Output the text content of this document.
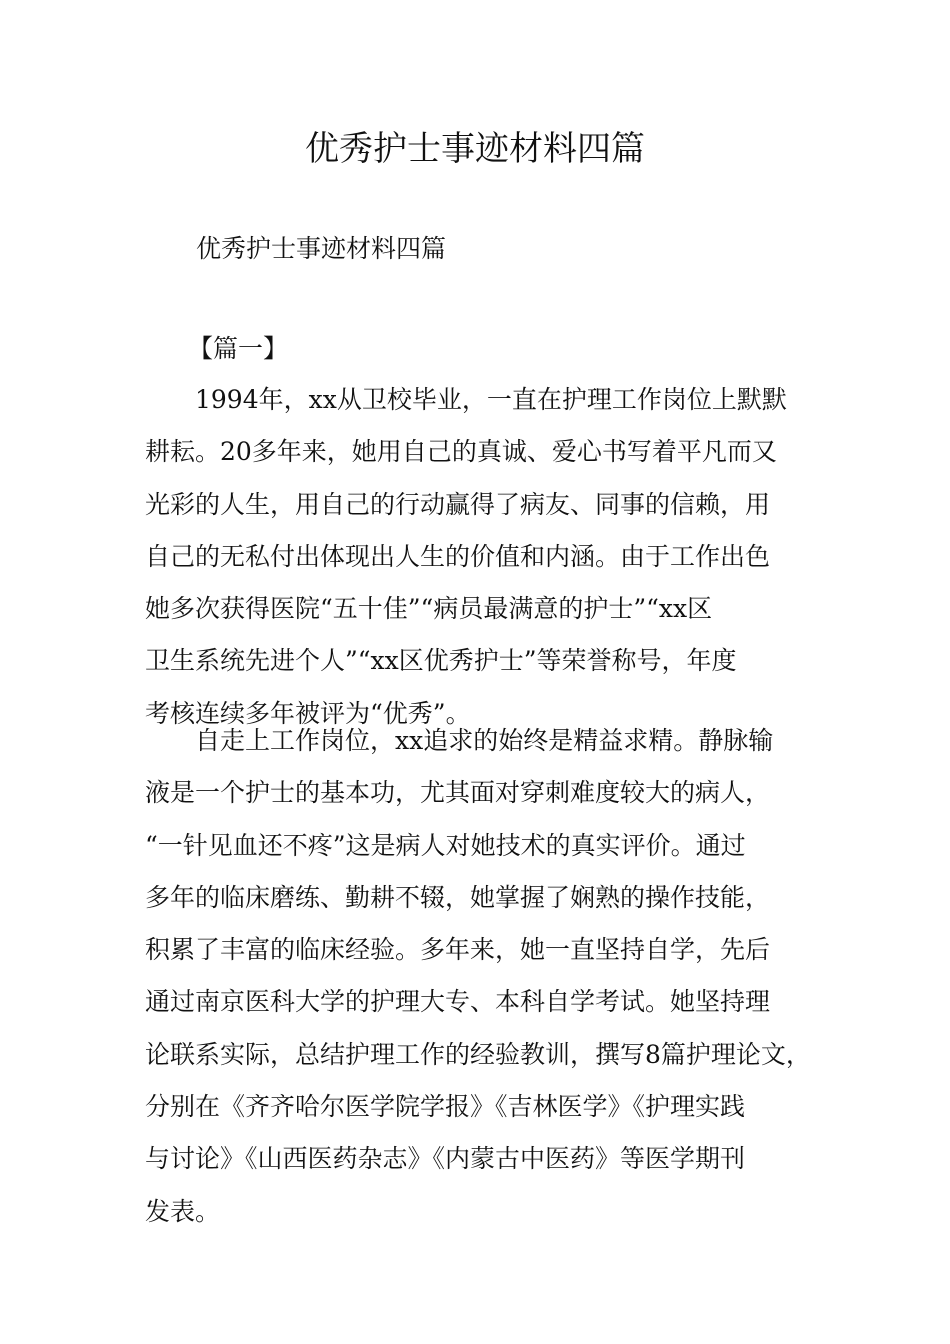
优秀护士事迹材料四篇

优秀护士事迹材料四篇

【篇一】

1994年，xx从卫校毕业，一直在护理工作岗位上默默
耕耘。20多年来，她用自己的真诚、爱心书写着平凡而又
光彩的人生，用自己的行动赢得了病友、同事的信赖，用
自己的无私付出体现出人生的价值和内涵。由于工作出色
她多次获得医院“五十佳”“病员最满意的护士”“xx区
卫生系统先进个人”“xx区优秀护士”等荣誉称号，年度
考核连续多年被评为“优秀”。
自走上工作岗位，xx追求的始终是精益求精。静脉输
液是一个护士的基本功，尤其面对穿刺难度较大的病人，
“一针见血还不疼”这是病人对她技术的真实评价。通过
多年的临床磨练、勤耕不辍，她掌握了娴熟的操作技能，
积累了丰富的临床经验。多年来，她一直坚持自学，先后
通过南京医科大学的护理大专、本科自学考试。她坚持理
论联系实际，总结护理工作的经验教训，撰写8篇护理论文，
分别在《齐齐哈尔医学院学报》《吉林医学》《护理实践
与讨论》《山西医药杂志》《内蒙古中医药》等医学期刊
发表。
